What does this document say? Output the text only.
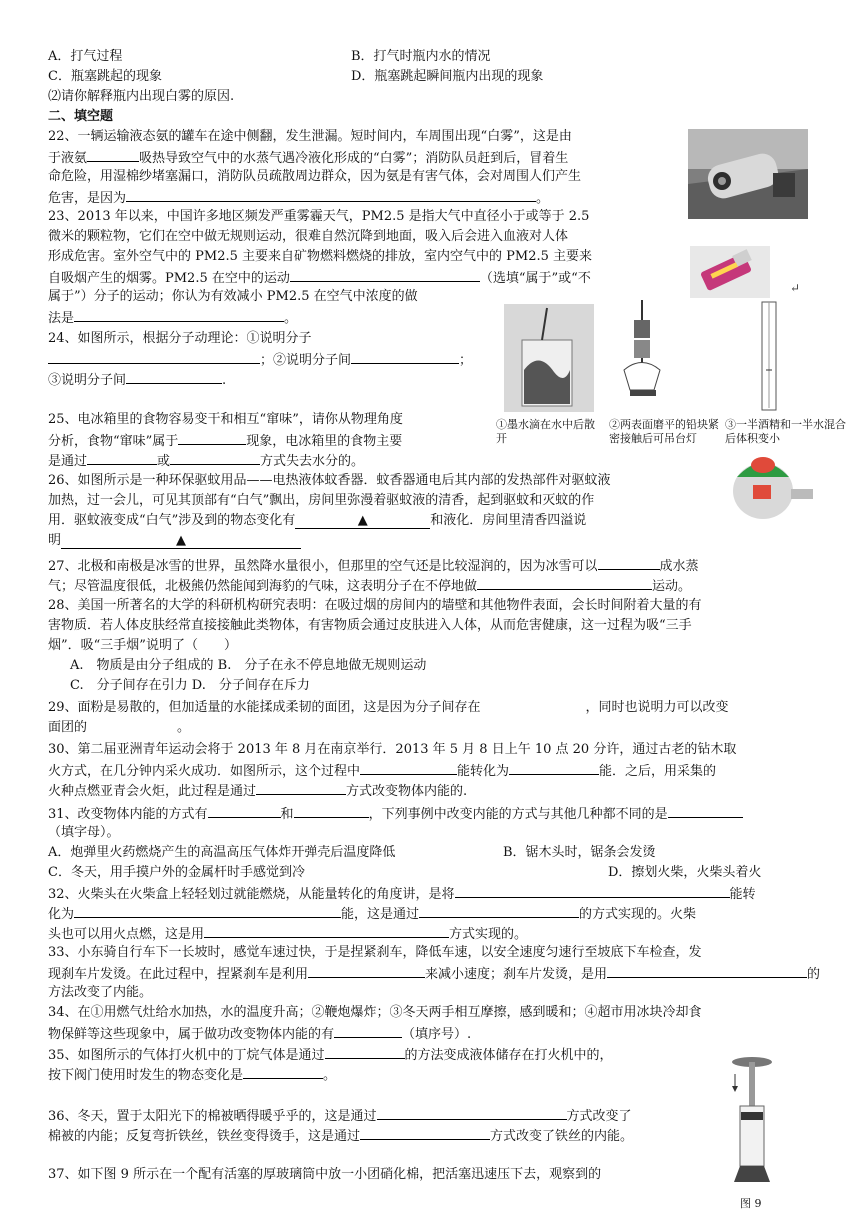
A．打气过程	B．打气时瓶内水的情况
C．瓶塞跳起的现象	D．瓶塞跳起瞬间瓶内出现的现象
⑵请你解释瓶内出现白雾的原因.
二、填空题
22、一辆运输液态氨的罐车在途中侧翻，发生泄漏。短时间内，车周围出现“白雾”，这是由
于液氨	吸热导致空气中的水蒸气遇冷液化形成的“白雾”；消防队员赶到后，冒着生
命危险，用湿棉纱堵塞漏口，消防队员疏散周边群众，因为氨是有害气体，会对周围人们产生
危害，是因为	。
23、2013 年以来，中国许多地区频发严重雾霾天气，PM2.5 是指大气中直径小于或等于 2.5
微米的颗粒物，它们在空中做无规则运动，很难自然沉降到地面，吸入后会进入血液对人体
形成危害。室外空气中的 PM2.5 主要来自矿物燃料燃烧的排放，室内空气中的 PM2.5 主要来
自吸烟产生的烟雾。PM2.5 在空中的运动	（选填“属于”或“不
属于”）分子的运动；你认为有效减小 PM2.5 在空气中浓度的做
法是	。
24、如图所示，根据分子动理论：①说明分子
；②说明分子间	；
③说明分子间	.
25、电冰箱里的食物容易变干和相互“窜味”，请你从物理角度
分析，食物“窜味”属于	现象，电冰箱里的食物主要
是通过	或	方式失去水分的。
26、如图所示是一种环保驱蚊用品——电热液体蚊香器．蚊香器通电后其内部的发热部件对驱蚊液
加热，过一会儿，可见其顶部有“白气”飘出，房间里弥漫着驱蚊液的清香，起到驱蚊和灭蚊的作
用．驱蚊液变成“白气”涉及到的物态变化有	▲	和液化．房间里清香四溢说
明	▲
27、北极和南极是冰雪的世界，虽然降水量很小，但那里的空气还是比较湿润的，因为冰雪可以	成水蒸
气；尽管温度很低，北极熊仍然能闻到海豹的气味，这表明分子在不停地做	运动。
28、美国一所著名的大学的科研机构研究表明：在吸过烟的房间内的墙壁和其他物件表面，会长时间附着大量的有
害物质．若人体皮肤经常直接接触此类物体，有害物质会通过皮肤进入人体，从而危害健康，这一过程为吸“三手
烟”．吸“三手烟”说明了（　　）
A.　物质是由分子组成的 B.　分子在永不停息地做无规则运动
C.　分子间存在引力 D.　分子间存在斥力
29、面粉是易散的，但加适量的水能揉成柔韧的面团，这是因为分子间存在	，同时也说明力可以改变
面团的	。
30、第二届亚洲青年运动会将于 2013 年 8 月在南京举行．2013 年 5 月 8 日上午 10 点 20 分许，通过古老的钻木取
火方式，在几分钟内采火成功．如图所示，这个过程中	能转化为	能．之后，用采集的
火种点燃亚青会火炬，此过程是通过	方式改变物体内能的.
31、改变物体内能的方式有	和	，下列事例中改变内能的方式与其他几种都不同的是
（填字母）。
A．炮弹里火药燃烧产生的高温高压气体炸开弹壳后温度降低	B．锯木头时，锯条会发烫
C．冬天，用手摸户外的金属杆时手感觉到冷	D．擦划火柴，火柴头着火
32、火柴头在火柴盒上轻轻划过就能燃烧，从能量转化的角度讲，是将	能转
化为	能，这是通过	的方式实现的。火柴
头也可以用火点燃，这是用	方式实现的。
33、小东骑自行车下一长坡时，感觉车速过快，于是捏紧刹车，降低车速，以安全速度匀速行至坡底下车检查，发
现刹车片发烫。在此过程中，捏紧刹车是利用	来减小速度；刹车片发烫，是用	的
方法改变了内能。
34、在①用燃气灶给水加热，水的温度升高；②鞭炮爆炸；③冬天两手相互摩擦，感到暖和；④超市用冰块冷却食
物保鲜等这些现象中，属于做功改变物体内能的有	（填序号）.
35、如图所示的气体打火机中的丁烷气体是通过	的方法变成液体储存在打火机中的，
按下阀门使用时发生的物态变化是	。
36、冬天，置于太阳光下的棉被晒得暖乎乎的，这是通过	方式改变了
棉被的内能；反复弯折铁丝，铁丝变得烫手，这是通过	方式改变了铁丝的内能。
37、如下图 9 所示在一个配有活塞的厚玻璃筒中放一小团硝化棉，把活塞迅速压下去，观察到的
↵
①墨水滴在水中后散开
②两表面磨平的铅块紧密接触后可吊台灯
③一半酒精和一半水混合后体积变小
图 9
